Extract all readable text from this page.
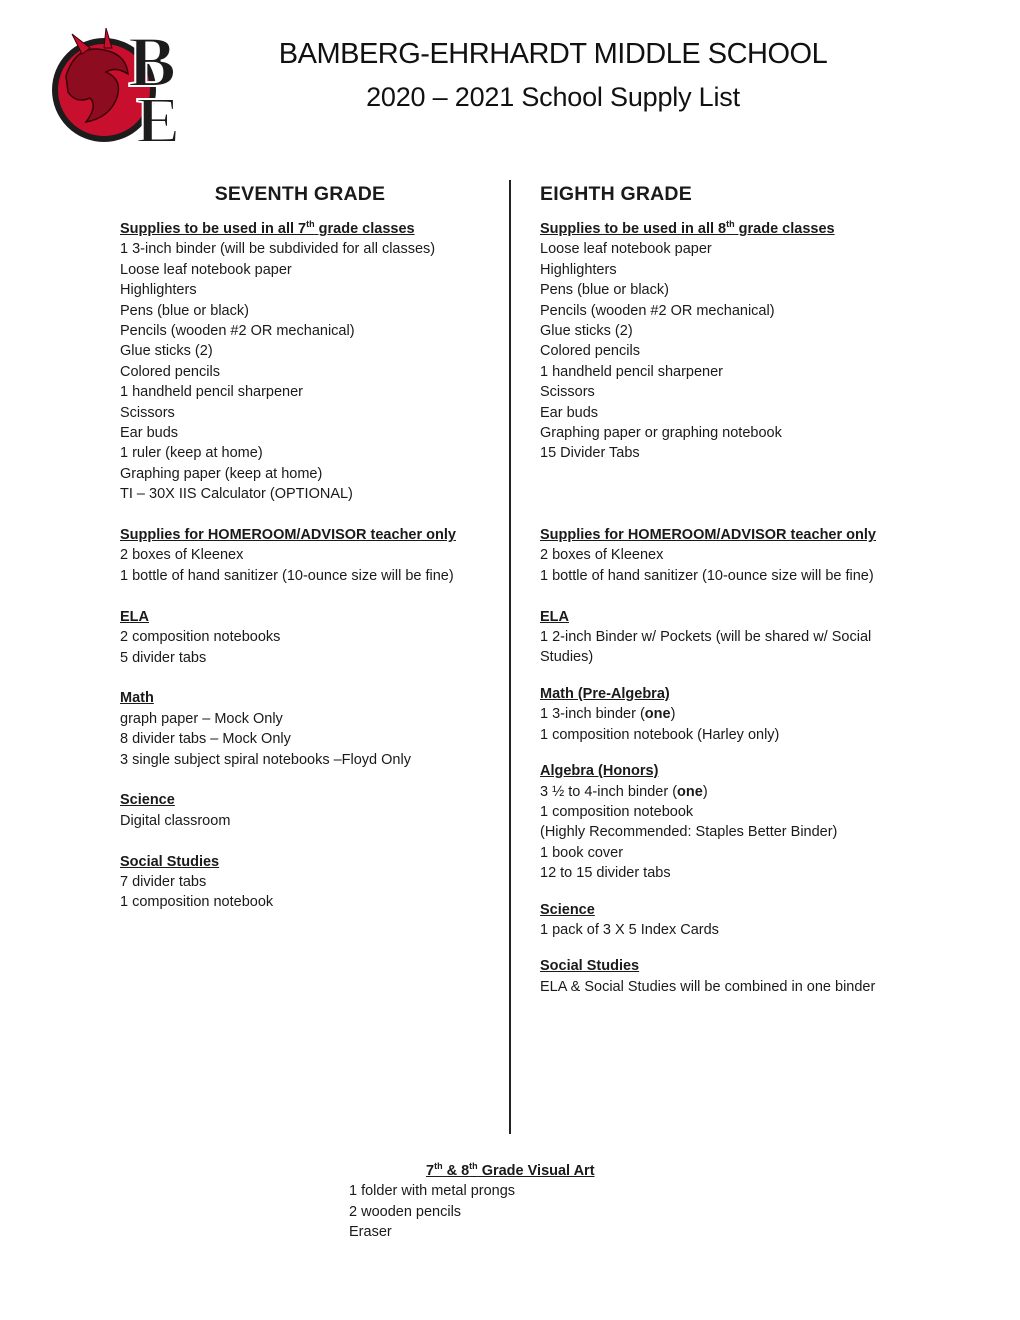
B
E
BAMBERG-EHRHARDT MIDDLE SCHOOL
2020 – 2021 School Supply List
SEVENTH GRADE
Supplies to be used in all 7th grade classes
1 3-inch binder (will be subdivided for all classes)
Loose leaf notebook paper
Highlighters
Pens (blue or black)
Pencils (wooden #2 OR mechanical)
Glue sticks (2)
Colored pencils
1 handheld pencil sharpener
Scissors
Ear buds
1 ruler (keep at home)
Graphing paper (keep at home)
TI – 30X IIS Calculator (OPTIONAL)
Supplies for HOMEROOM/ADVISOR teacher only
2 boxes of Kleenex
1 bottle of hand sanitizer (10-ounce size will be fine)
ELA
2 composition notebooks
5 divider tabs
Math
graph paper – Mock Only
8 divider tabs – Mock Only
3 single subject spiral notebooks –Floyd Only
Science
Digital classroom
Social Studies
7 divider tabs
1 composition notebook
EIGHTH GRADE
Supplies to be used in all 8th grade classes
Loose leaf notebook paper
Highlighters
Pens (blue or black)
Pencils (wooden #2 OR mechanical)
Glue sticks (2)
Colored pencils
1 handheld pencil sharpener
Scissors
Ear buds
Graphing paper or graphing notebook
15 Divider Tabs
Supplies for HOMEROOM/ADVISOR teacher only
2 boxes of Kleenex
1 bottle of hand sanitizer (10-ounce size will be fine)
ELA
1 2-inch Binder w/ Pockets (will be shared w/ Social
Studies)
Math (Pre-Algebra)
1 3-inch binder (one)
1 composition notebook (Harley only)
Algebra (Honors)
3 ½ to 4-inch binder (one)
1 composition notebook
(Highly Recommended: Staples Better Binder)
1 book cover
12 to 15 divider tabs
Science
1 pack of 3 X 5 Index Cards
Social Studies
ELA & Social Studies will be combined in one binder
7th & 8th Grade Visual Art
1 folder with metal prongs
2 wooden pencils
Eraser
